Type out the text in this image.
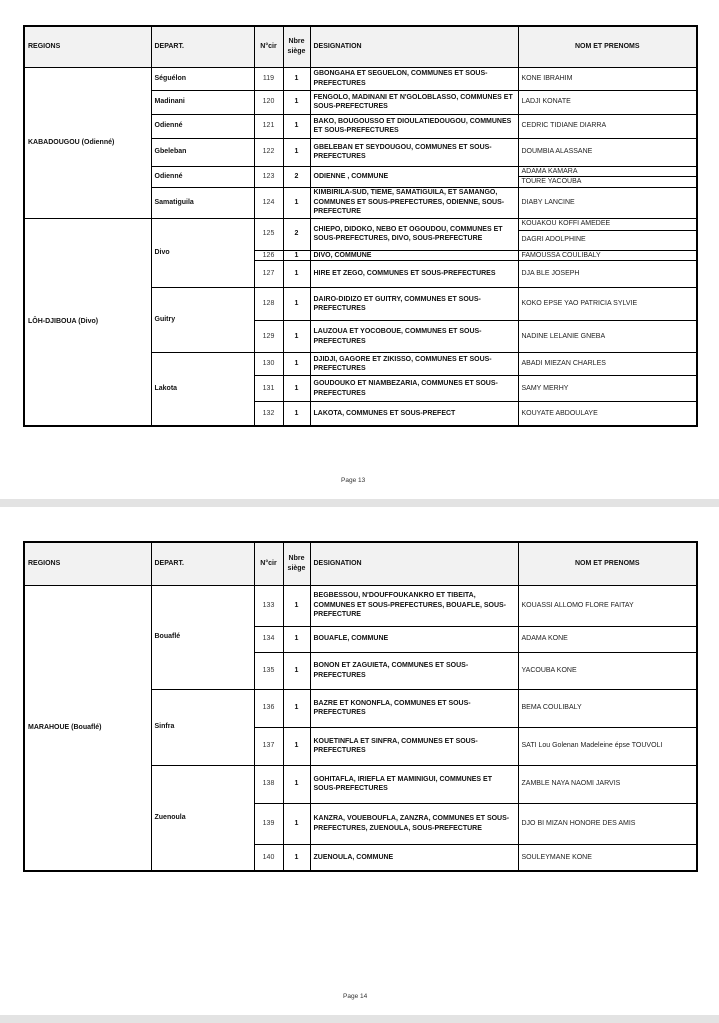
REGIONS	DEPART.	N°cir	Nbre siège	DESIGNATION	NOM ET PRENOMS
KABADOUGOU (Odienné)	Séguélon	119	1	GBONGAHA ET SEGUELON, COMMUNES ET SOUS-PREFECTURES	KONE IBRAHIM
	Madinani	120	1	FENGOLO, MADINANI ET N'GOLOBLASSO, COMMUNES ET SOUS-PREFECTURES	LADJI KONATE
	Odienné	121	1	BAKO, BOUGOUSSO ET DIOULATIEDOUGOU, COMMUNES ET SOUS-PREFECTURES	CEDRIC TIDIANE DIARRA
	Gbeleban	122	1	GBELEBAN ET SEYDOUGOU, COMMUNES ET SOUS-PREFECTURES	DOUMBIA ALASSANE
	Odienné	123	2	ODIENNE , COMMUNE	ADAMA KAMARA
					TOURE YACOUBA
	Samatiguila	124	1	KIMBIRILA-SUD, TIEME, SAMATIGUILA, ET SAMANGO, COMMUNES ET SOUS-PREFECTURES, ODIENNE, SOUS-PREFECTURE	DIABY LANCINE
LÔH-DJIBOUA (Divo)	Divo	125	2	CHIEPO, DIDOKO, NEBO ET OGOUDOU, COMMUNES ET SOUS-PREFECTURES, DIVO, SOUS-PREFECTURE	KOUAKOU KOFFI AMEDEE
					DAGRI ADOLPHINE
		126	1	DIVO, COMMUNE	FAMOUSSA COULIBALY
		127	1	HIRE ET ZEGO, COMMUNES ET SOUS-PREFECTURES	DJA BLE JOSEPH
	Guitry	128	1	DAIRO-DIDIZO ET GUITRY, COMMUNES ET SOUS-PREFECTURES	KOKO EPSE YAO PATRICIA SYLVIE
		129	1	LAUZOUA ET YOCOBOUE, COMMUNES ET SOUS-PREFECTURES	NADINE LELANIE GNEBA
	Lakota	130	1	DJIDJI, GAGORE ET ZIKISSO, COMMUNES ET SOUS-PREFECTURES	ABADI MIEZAN CHARLES
		131	1	GOUDOUKO ET NIAMBEZARIA, COMMUNES ET SOUS-PREFECTURES	SAMY MERHY
		132	1	LAKOTA, COMMUNES ET SOUS-PREFECT	KOUYATE ABDOULAYE
Page 13
REGIONS	DEPART.	N°cir	Nbre siège	DESIGNATION	NOM ET PRENOMS
MARAHOUE (Bouaflé)	Bouaflé	133	1	BEGBESSOU, N'DOUFFOUKANKRO ET TIBEITA, COMMUNES ET SOUS-PREFECTURES, BOUAFLE, SOUS-PREFECTURE	KOUASSI ALLOMO FLORE FAITAY
		134	1	BOUAFLE, COMMUNE	ADAMA KONE
		135	1	BONON ET ZAGUIETA, COMMUNES ET SOUS-PREFECTURES	YACOUBA KONE
	Sinfra	136	1	BAZRE ET KONONFLA, COMMUNES ET SOUS-PREFECTURES	BEMA COULIBALY
		137	1	KOUETINFLA ET SINFRA, COMMUNES ET SOUS-PREFECTURES	SATI Lou Golenan Madeleine épse TOUVOLI
	Zuenoula	138	1	GOHITAFLA, IRIEFLA ET MAMINIGUI, COMMUNES ET SOUS-PREFECTURES	ZAMBLE NAYA NAOMI JARVIS
		139	1	KANZRA, VOUEBOUFLA, ZANZRA, COMMUNES ET SOUS-PREFECTURES, ZUENOULA, SOUS-PREFECTURE	DJO BI MIZAN HONORE DES AMIS
		140	1	ZUENOULA, COMMUNE	SOULEYMANE KONE
Page 14
